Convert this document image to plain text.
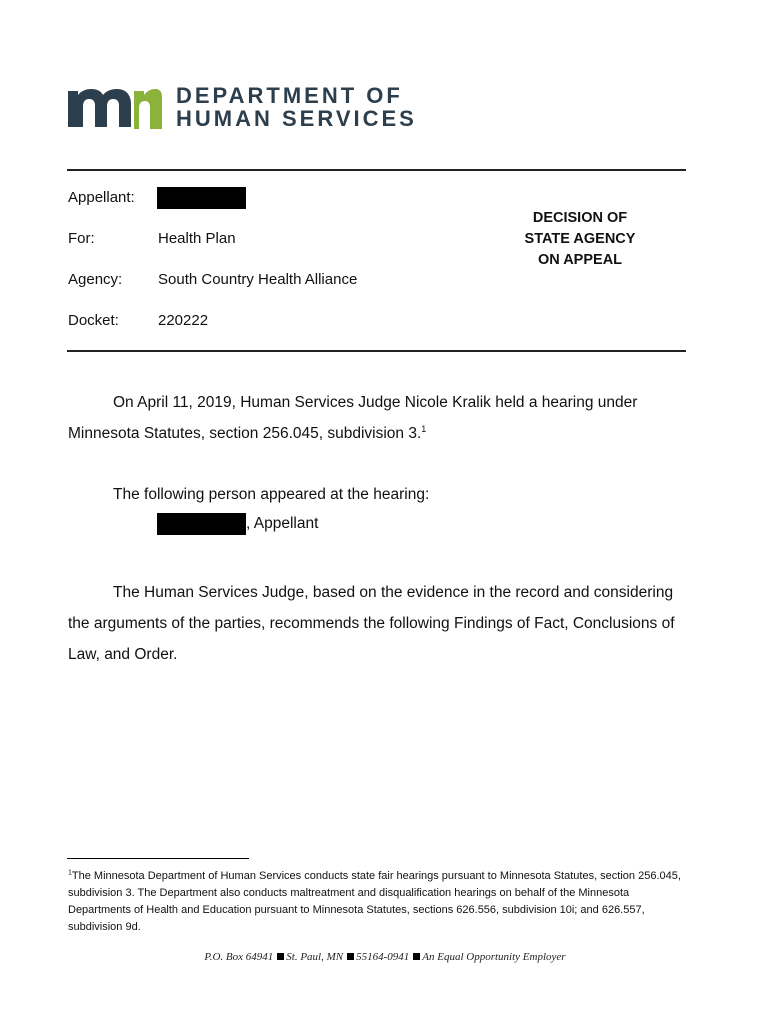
DEPARTMENT OF
HUMAN SERVICES
Appellant:
For:	Health Plan
Agency: South Country Health Alliance
Docket:	220222
DECISION OF
STATE AGENCY
ON APPEAL
On April 11, 2019, Human Services Judge Nicole Kralik held a hearing under Minnesota Statutes, section 256.045, subdivision 3.$^1$
The following person appeared at the hearing:
, Appellant
The Human Services Judge, based on the evidence in the record and considering the arguments of the parties, recommends the following Findings of Fact, Conclusions of Law, and Order.
$^1$The Minnesota Department of Human Services conducts state fair hearings pursuant to Minnesota Statutes, section 256.045, subdivision 3. The Department also conducts maltreatment and disqualification hearings on behalf of the Minnesota Departments of Health and Education pursuant to Minnesota Statutes, sections 626.556, subdivision 10i; and 626.557, subdivision 9d.
P.O. Box 64941 St. Paul, MN 55164-0941 An Equal Opportunity Employer
